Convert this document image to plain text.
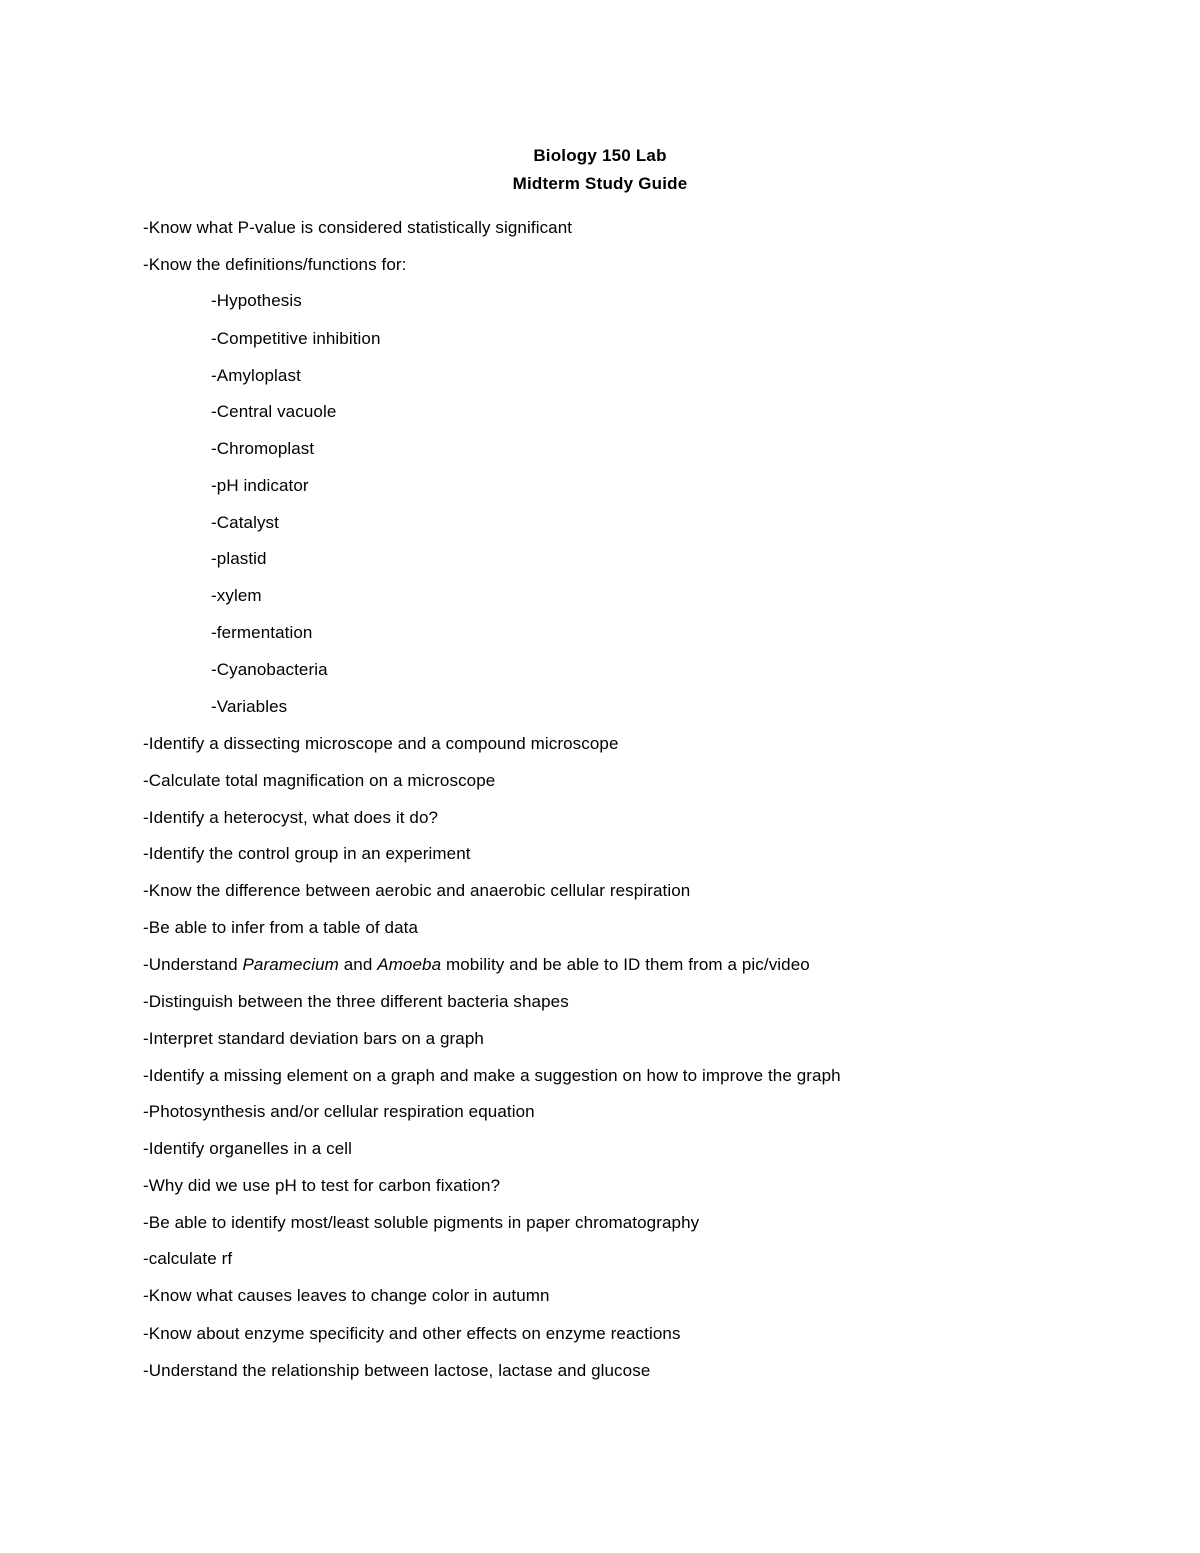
Biology 150 Lab
Midterm Study Guide
-Know what P-value is considered statistically significant
-Know the definitions/functions for:
-Hypothesis
-Competitive inhibition
-Amyloplast
-Central vacuole
-Chromoplast
-pH indicator
-Catalyst
-plastid
-xylem
-fermentation
-Cyanobacteria
-Variables
-Identify a dissecting microscope and a compound microscope
-Calculate total magnification on a microscope
-Identify a heterocyst, what does it do?
-Identify the control group in an experiment
-Know the difference between aerobic and anaerobic cellular respiration
-Be able to infer from a table of data
-Understand Paramecium and Amoeba mobility and be able to ID them from a pic/video
-Distinguish between the three different bacteria shapes
-Interpret standard deviation bars on a graph
-Identify a missing element on a graph and make a suggestion on how to improve the graph
-Photosynthesis and/or cellular respiration equation
-Identify organelles in a cell
-Why did we use pH to test for carbon fixation?
-Be able to identify most/least soluble pigments in paper chromatography
-calculate rf
-Know what causes leaves to change color in autumn
-Know about enzyme specificity and other effects on enzyme reactions
-Understand the relationship between lactose, lactase and glucose
